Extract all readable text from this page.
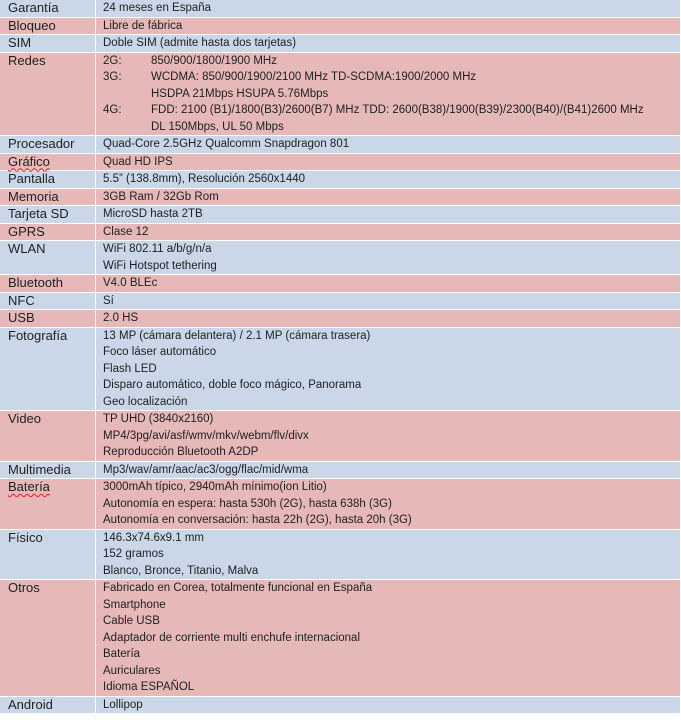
Garantía	24 meses en España
Bloqueo	Libre de fábrica
SIM	Doble SIM (admite hasta dos tarjetas)
Redes	2G:	850/900/1800/1900 MHz
3G:	WCDMA: 850/900/1900/2100 MHz TD-SCDMA:1900/2000 MHz
HSDPA 21Mbps HSUPA 5.76Mbps
4G:	FDD: 2100 (B1)/1800(B3)/2600(B7) MHz TDD: 2600(B38)/1900(B39)/2300(B40)/(B41)2600 MHz
DL 150Mbps, UL 50 Mbps
Procesador	Quad-Core 2.5GHz Qualcomm Snapdragon 801
Gráfico	Quad HD IPS
Pantalla	5.5” (138.8mm), Resolución 2560x1440
Memoria	3GB Ram / 32Gb Rom
Tarjeta SD	MicroSD hasta 2TB
GPRS	Clase 12
WLAN	WiFi 802.11 a/b/g/n/a
WiFi Hotspot tethering
Bluetooth	V4.0 BLEc
NFC	Sí
USB	2.0 HS
Fotografía	13 MP (cámara delantera) / 2.1 MP (cámara trasera)
Foco láser automático
Flash LED
Disparo automático, doble foco mágico, Panorama
Geo localización
Video	TP UHD (3840x2160)
MP4/3pg/avi/asf/wmv/mkv/webm/flv/divx
Reproducción Bluetooth A2DP
Multimedia	Mp3/wav/amr/aac/ac3/ogg/flac/mid/wma
Batería	3000mAh típico, 2940mAh mínimo(ion Litio)
Autonomía en espera: hasta 530h (2G), hasta 638h (3G)
Autonomía en conversación: hasta 22h (2G), hasta 20h (3G)
Físico	146.3x74.6x9.1 mm
152 gramos
Blanco, Bronce, Titanio, Malva
Otros	Fabricado en Corea, totalmente funcional en España
Smartphone
Cable USB
Adaptador de corriente multi enchufe internacional
Batería
Auriculares
Idioma ESPAÑOL
Android	Lollipop
